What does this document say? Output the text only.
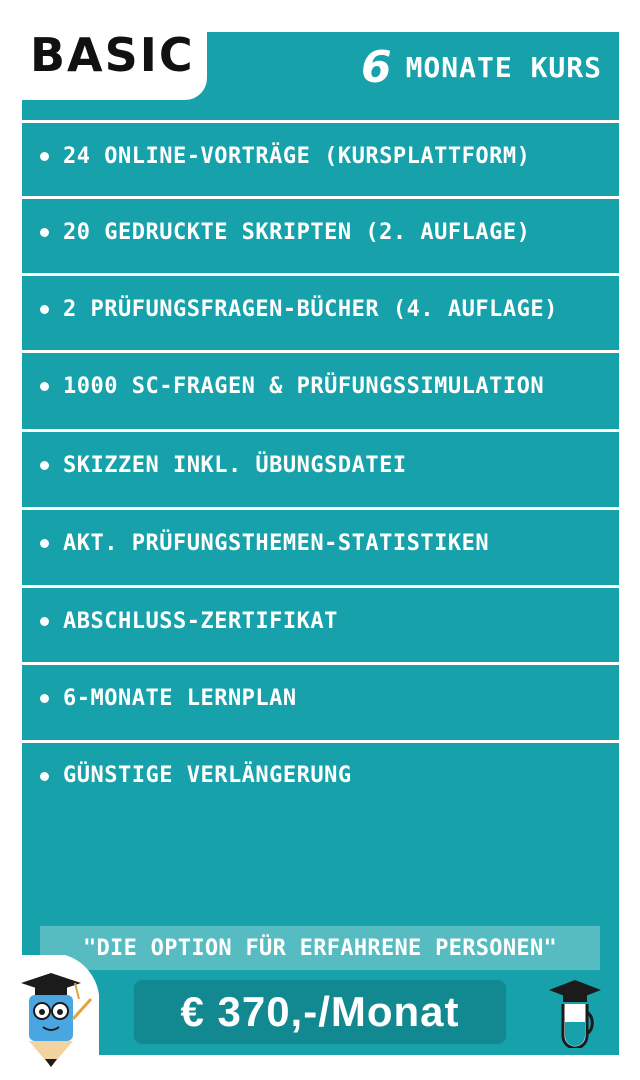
BASIC	6 MONATE KURS
24 ONLINE-VORTRÄGE (KURSPLATTFORM)
20 GEDRUCKTE SKRIPTEN (2. AUFLAGE)
2 PRÜFUNGSFRAGEN-BÜCHER (4. AUFLAGE)
1000 SC-FRAGEN & PRÜFUNGSSIMULATION
SKIZZEN INKL. ÜBUNGSDATEI
AKT. PRÜFUNGSTHEMEN-STATISTIKEN
ABSCHLUSS-ZERTIFIKAT
6-MONATE LERNPLAN
GÜNSTIGE VERLÄNGERUNG
"DIE OPTION FÜR ERFAHRENE PERSONEN"
€ 370,-/Monat
